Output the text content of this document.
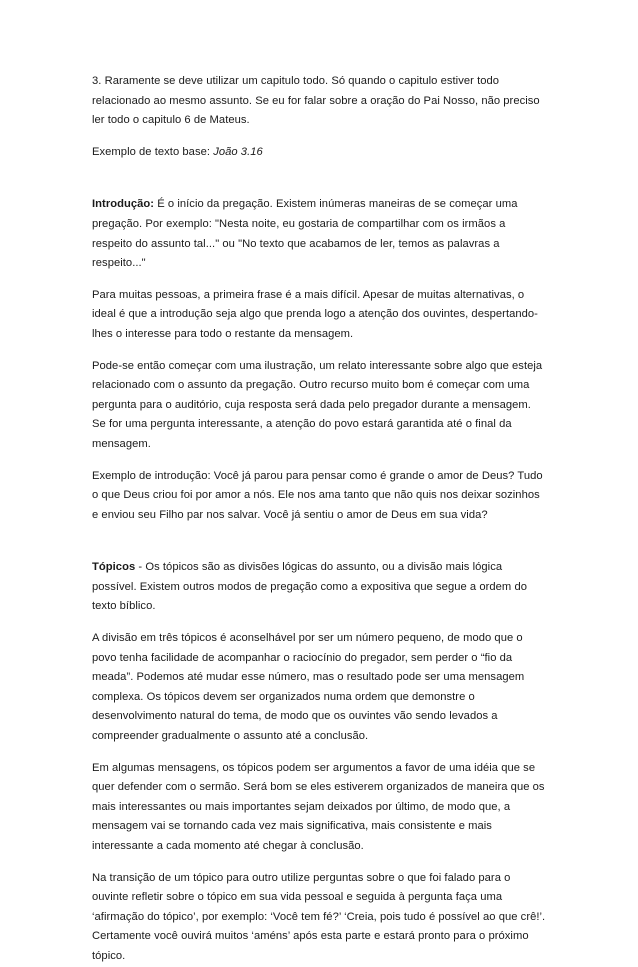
3. Raramente se deve utilizar um capitulo todo. Só quando o capitulo estiver todo relacionado ao mesmo assunto. Se eu for falar sobre a oração do Pai Nosso, não preciso ler todo o capitulo 6 de Mateus.

Exemplo de texto base: João 3.16

Introdução: É o início da pregação. Existem inúmeras maneiras de se começar uma pregação. Por exemplo: "Nesta noite, eu gostaria de compartilhar com os irmãos a respeito do assunto tal..." ou "No texto que acabamos de ler, temos as palavras a respeito..."

Para muitas pessoas, a primeira frase é a mais difícil. Apesar de muitas alternativas, o ideal é que a introdução seja algo que prenda logo a atenção dos ouvintes, despertando-lhes o interesse para todo o restante da mensagem.

Pode-se então começar com uma ilustração, um relato interessante sobre algo que esteja relacionado com o assunto da pregação. Outro recurso muito bom é começar com uma pergunta para o auditório, cuja resposta será dada pelo pregador durante a mensagem. Se for uma pergunta interessante, a atenção do povo estará garantida até o final da mensagem.

Exemplo de introdução: Você já parou para pensar como é grande o amor de Deus? Tudo o que Deus criou foi por amor a nós. Ele nos ama tanto que não quis nos deixar sozinhos e enviou seu Filho par nos salvar. Você já sentiu o amor de Deus em sua vida?

Tópicos - Os tópicos são as divisões lógicas do assunto, ou a divisão mais lógica possível. Existem outros modos de pregação como a expositiva que segue a ordem do texto bíblico.

A divisão em três tópicos é aconselhável por ser um número pequeno, de modo que o povo tenha facilidade de acompanhar o raciocínio do pregador, sem perder o “fio da meada”. Podemos até mudar esse número, mas o resultado pode ser uma mensagem complexa. Os tópicos devem ser organizados numa ordem que demonstre o desenvolvimento natural do tema, de modo que os ouvintes vão sendo levados a compreender gradualmente o assunto até a conclusão.

Em algumas mensagens, os tópicos podem ser argumentos a favor de uma idéia que se quer defender com o sermão. Será bom se eles estiverem organizados de maneira que os mais interessantes ou mais importantes sejam deixados por último, de modo que, a mensagem vai se tornando cada vez mais significativa, mais consistente e mais interessante a cada momento até chegar à conclusão.

Na transição de um tópico para outro utilize perguntas sobre o que foi falado para o ouvinte refletir sobre o tópico em sua vida pessoal e seguida à pergunta faça uma ‘afirmação do tópico’, por exemplo: ‘Você tem fé?’ ‘Creia, pois tudo é possível ao que crê!’. Certamente você ouvirá muitos ‘améns’ após esta parte e estará pronto para o próximo tópico.
